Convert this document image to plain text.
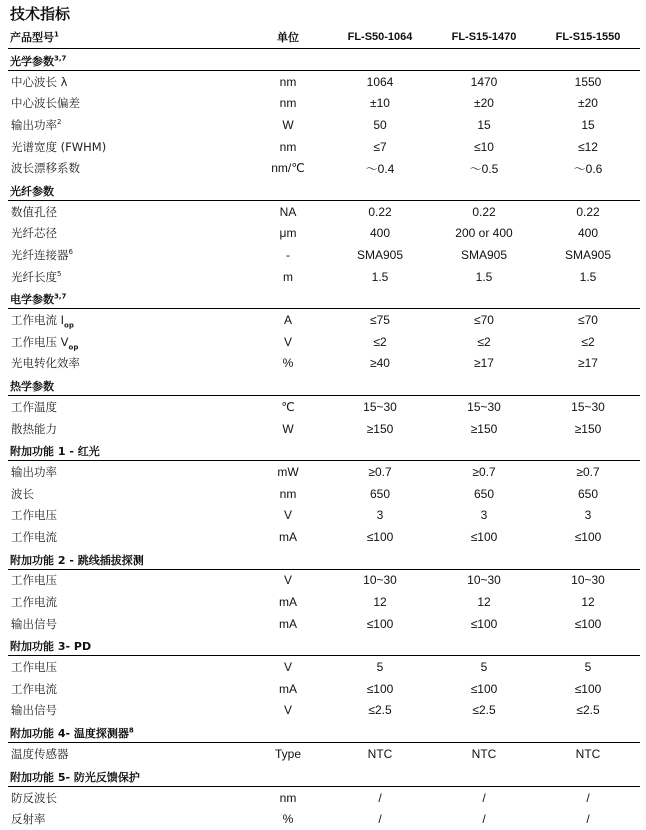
技术指标
产品型号$^1$	单位	FL-S50-1064	FL-S15-1470	FL-S15-1550
光学参数$^{3,7}$
中心波长 λ	nm	1064	1470	1550
中心波长偏差	nm	±10	±20	±20
输出功率$^2$	W	50	15	15
光谱宽度 (FWHM)	nm	≤7	≤10	≤12
波长漂移系数	nm/℃	～0.4	～0.5	～0.6
光纤参数				
数值孔径	NA	0.22	0.22	0.22
光纤芯径	μm	400	200 or 400	400
光纤连接器$^6$	-	SMA905	SMA905	SMA905
光纤长度$^5$	m	1.5	1.5	1.5
电学参数$^{3,7}$
工作电流 $I_{op}$	A	≤75	≤70	≤70
工作电压 $V_{op}$	V	≤2	≤2	≤2
光电转化效率	%	≥40	≥17	≥17
热学参数				
工作温度	℃	15~30	15~30	15~30
散热能力	W	≥150	≥150	≥150
附加功能 1 - 红光				
输出功率	mW	≥0.7	≥0.7	≥0.7
波长	nm	650	650	650
工作电压	V	3	3	3
工作电流	mA	≤100	≤100	≤100
附加功能 2 - 跳线插拔探测				
工作电压	V	10~30	10~30	10~30
工作电流	mA	12	12	12
输出信号	mA	≤100	≤100	≤100
附加功能 3- PD				
工作电压	V	5	5	5
工作电流	mA	≤100	≤100	≤100
输出信号	V	≤2.5	≤2.5	≤2.5
附加功能 4- 温度探测器$^8$
温度传感器	Type	NTC	NTC	NTC
附加功能 5- 防光反馈保护				
防反波长	nm	/	/	/
反射率	%	/	/	/
